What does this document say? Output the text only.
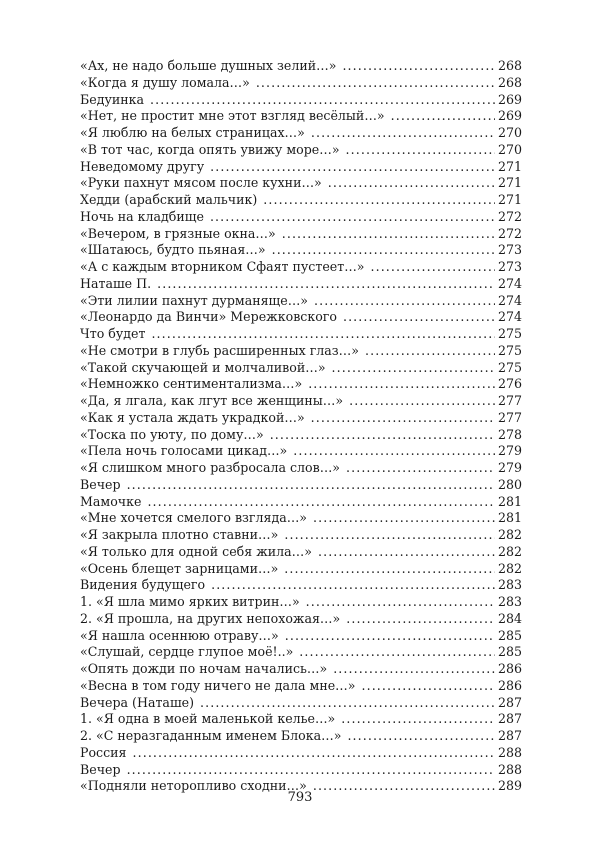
«Ах, не надо больше душных зелий…» .....	268
«Когда я душу ломала…» .....	268
Бедуинка .....	269
«Нет, не простит мне этот взгляд весёлый…» .....	269
«Я люблю на белых страницах…» .....	270
«В тот час, когда опять увижу море…» .....	270
Неведомому другу .....	271
«Руки пахнут мясом после кухни…» .....	271
Хедди (арабский мальчик) .....	271
Ночь на кладбище .....	272
«Вечером, в грязные окна…» .....	272
«Шатаюсь, будто пьяная…» .....	273
«А с каждым вторником Сфаят пустеет…» .....	273
Наташе П. .....	274
«Эти лилии пахнут дурманяще…» .....	274
«Леонардо да Винчи» Мережковского .....	274
Что будет .....	275
«Не смотри в глубь расширенных глаз…» .....	275
«Такой скучающей и молчаливой…» .....	275
«Немножко сентиментализма…» .....	276
«Да, я лгала, как лгут все женщины…» .....	277
«Как я устала ждать украдкой…» .....	277
«Тоска по уюту, по дому…» .....	278
«Пела ночь голосами цикад…» .....	279
«Я слишком много разбросала слов…» .....	279
Вечер .....	280
Мамочке .....	281
«Мне хочется смелого взгляда…» .....	281
«Я закрыла плотно ставни…» .....	282
«Я только для одной себя жила…» .....	282
«Осень блещет зарницами…» .....	282
Видения будущего .....	283
1. «Я шла мимо ярких витрин…» .....	283
2. «Я прошла, на других непохожая…» .....	284
«Я нашла осеннюю отраву…» .....	285
«Слушай, сердце глупое моё!..» .....	285
«Опять дожди по ночам начались…» .....	286
«Весна в том году ничего не дала мне…» .....	286
Вечера (Наташе) .....	287
1. «Я одна в моей маленькой келье…» .....	287
2. «С неразгаданным именем Блока…» .....	287
Россия .....	288
Вечер .....	288
«Подняли неторопливо сходни…» .....	289
793
